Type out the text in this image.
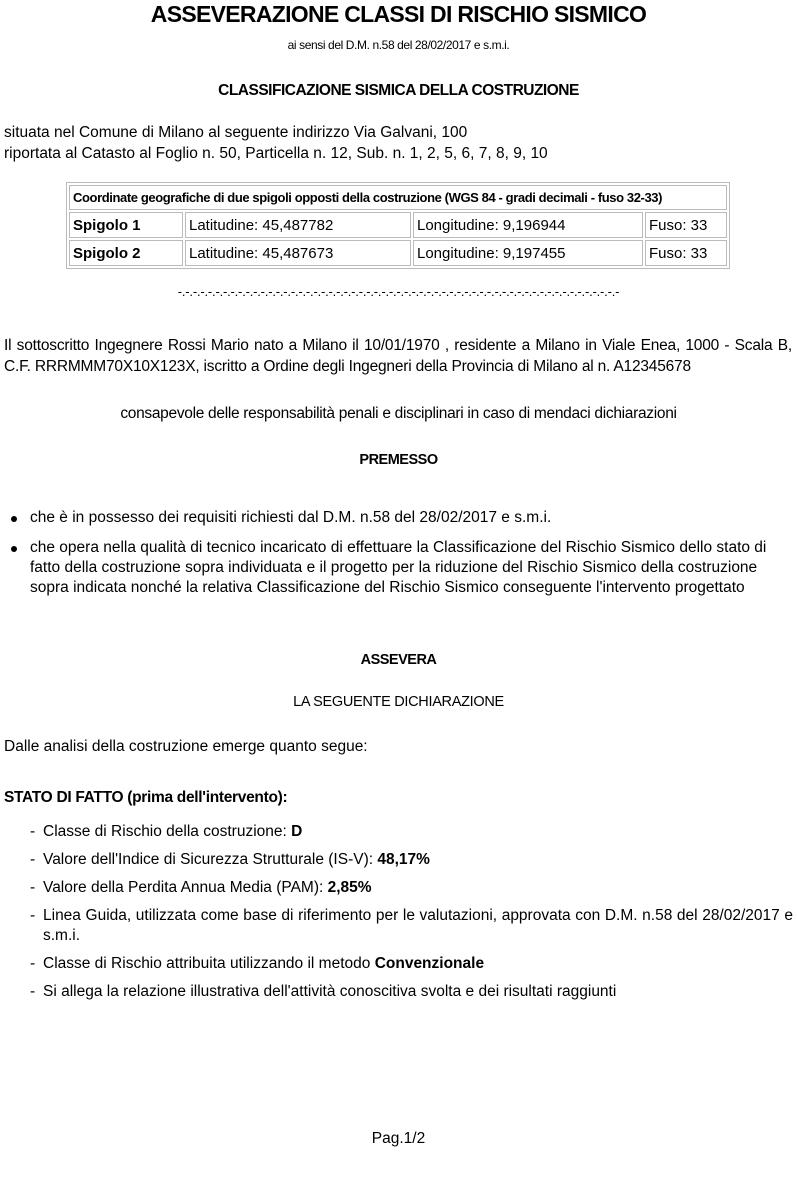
ASSEVERAZIONE CLASSI DI RISCHIO SISMICO
ai sensi del D.M. n.58 del 28/02/2017 e s.m.i.
CLASSIFICAZIONE SISMICA DELLA COSTRUZIONE
situata nel Comune di Milano al seguente indirizzo Via Galvani, 100
riportata al Catasto al Foglio n. 50, Particella n. 12, Sub. n. 1, 2, 5, 6, 7, 8, 9, 10
Coordinate geografiche di due spigoli opposti della costruzione (WGS 84 - gradi decimali - fuso 32-33)			
Spigolo 1	Latitudine: 45,487782	Longitudine: 9,196944	Fuso: 33
Spigolo 2	Latitudine: 45,487673	Longitudine: 9,197455	Fuso: 33
-.-.-.-.-.-.-.-.-.-.-.-.-.-.-.-.-.-.-.-.-.-.-.-.-.-.-.-.-.-.-.-.-.-.-.-.-.-.-.-.-.-.-.-.-.-.-.-.-.-.-.-.-.-.-.-.-.-.-
Il sottoscritto Ingegnere Rossi Mario nato a Milano il 10/01/1970 , residente a Milano in Viale Enea, 1000 - Scala B, C.F. RRRMMM70X10X123X, iscritto a Ordine degli Ingegneri della Provincia di Milano al n. A12345678
consapevole delle responsabilità penali e disciplinari in caso di mendaci dichiarazioni
PREMESSO
che è in possesso dei requisiti richiesti dal D.M. n.58 del 28/02/2017 e s.m.i.
che opera nella qualità di tecnico incaricato di effettuare la Classificazione del Rischio Sismico dello stato di fatto della costruzione sopra individuata e il progetto per la riduzione del Rischio Sismico della costruzione sopra indicata nonché la relativa Classificazione del Rischio Sismico conseguente l'intervento progettato
ASSEVERA
LA SEGUENTE DICHIARAZIONE
Dalle analisi della costruzione emerge quanto segue:
STATO DI FATTO (prima dell'intervento):
- Classe di Rischio della costruzione: D
- Valore dell'Indice di Sicurezza Strutturale (IS-V): 48,17%
- Valore della Perdita Annua Media (PAM): 2,85%
- Linea Guida, utilizzata come base di riferimento per le valutazioni, approvata con D.M. n.58 del 28/02/2017 e s.m.i.
- Classe di Rischio attribuita utilizzando il metodo Convenzionale
- Si allega la relazione illustrativa dell'attività conoscitiva svolta e dei risultati raggiunti
Pag.1/2
